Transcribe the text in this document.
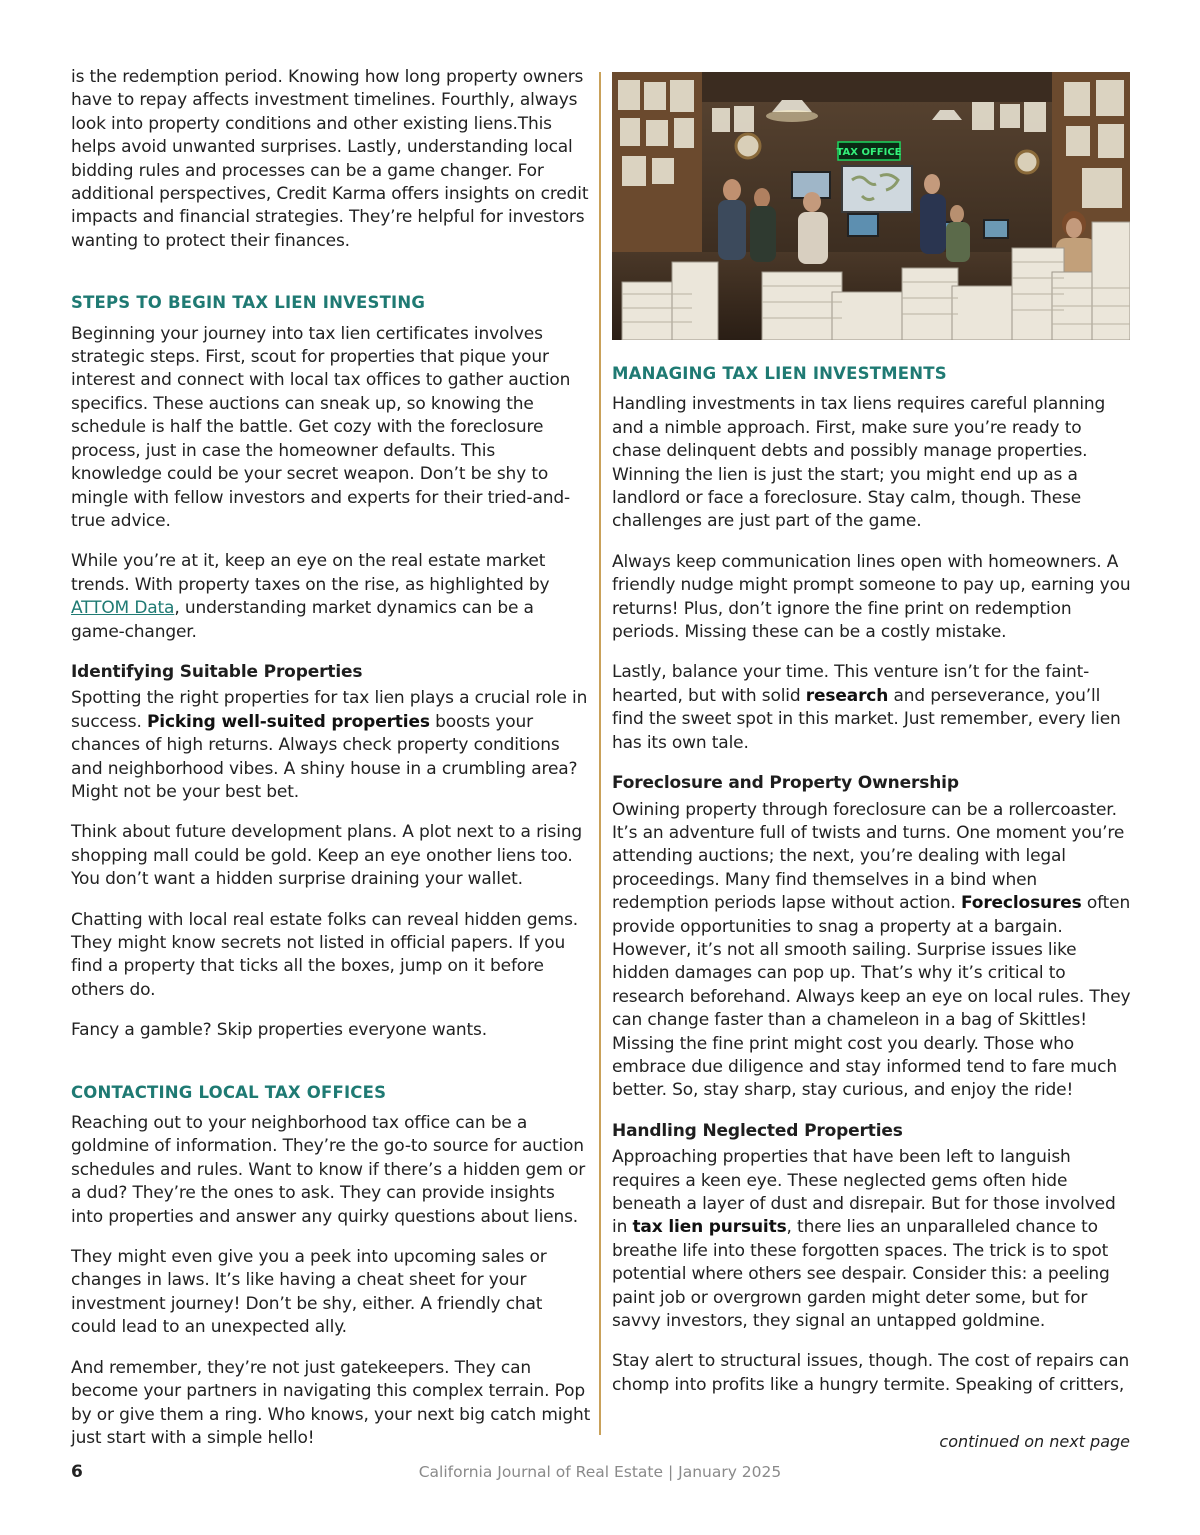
is the redemption period. Knowing how long property owners have to repay affects investment timelines. Fourthly, always look into property conditions and other existing liens.This helps avoid unwanted surprises. Lastly, understanding local bidding rules and processes can be a game changer. For additional perspectives, Credit Karma offers insights on credit impacts and financial strategies. They’re helpful for investors wanting to protect their finances.

STEPS TO BEGIN TAX LIEN INVESTING

Beginning your journey into tax lien certificates involves strategic steps. First, scout for properties that pique your interest and connect with local tax offices to gather auction specifics. These auctions can sneak up, so knowing the schedule is half the battle. Get cozy with the foreclosure process, just in case the homeowner defaults. This knowledge could be your secret weapon. Don’t be shy to mingle with fellow investors and experts for their tried-and-true advice.

While you’re at it, keep an eye on the real estate market trends. With property taxes on the rise, as highlighted by ATTOM Data, understanding market dynamics can be a game-changer.

Identifying Suitable Properties

Spotting the right properties for tax lien plays a crucial role in success. Picking well-suited properties boosts your chances of high returns. Always check property conditions and neighborhood vibes. A shiny house in a crumbling area? Might not be your best bet.

Think about future development plans. A plot next to a rising shopping mall could be gold. Keep an eye onother liens too. You don’t want a hidden surprise draining your wallet.

Chatting with local real estate folks can reveal hidden gems. They might know secrets not listed in official papers. If you find a property that ticks all the boxes, jump on it before others do.

Fancy a gamble? Skip properties everyone wants.

CONTACTING LOCAL TAX OFFICES

Reaching out to your neighborhood tax office can be a goldmine of information. They’re the go-to source for auction schedules and rules. Want to know if there’s a hidden gem or a dud? They’re the ones to ask. They can provide insights into properties and answer any quirky questions about liens.

They might even give you a peek into upcoming sales or changes in laws. It’s like having a cheat sheet for your investment journey! Don’t be shy, either. A friendly chat could lead to an unexpected ally.

And remember, they’re not just gatekeepers. They can become your partners in navigating this complex terrain. Pop by or give them a ring. Who knows, your next big catch might just start with a simple hello!

TAX OFFICE
MANAGING TAX LIEN INVESTMENTS

Handling investments in tax liens requires careful planning and a nimble approach. First, make sure you’re ready to chase delinquent debts and possibly manage properties. Winning the lien is just the start; you might end up as a landlord or face a foreclosure. Stay calm, though. These challenges are just part of the game.

Always keep communication lines open with homeowners. A friendly nudge might prompt someone to pay up, earning you returns! Plus, don’t ignore the fine print on redemption periods. Missing these can be a costly mistake.

Lastly, balance your time. This venture isn’t for the faint-hearted, but with solid research and perseverance, you’ll find the sweet spot in this market. Just remember, every lien has its own tale.

Foreclosure and Property Ownership

Owining property through foreclosure can be a rollercoaster. It’s an adventure full of twists and turns. One moment you’re attending auctions; the next, you’re dealing with legal proceedings. Many find themselves in a bind when redemption periods lapse without action. Foreclosures often provide opportunities to snag a property at a bargain. However, it’s not all smooth sailing. Surprise issues like hidden damages can pop up. That’s why it’s critical to research beforehand. Always keep an eye on local rules. They can change faster than a chameleon in a bag of Skittles! Missing the fine print might cost you dearly. Those who embrace due diligence and stay informed tend to fare much better. So, stay sharp, stay curious, and enjoy the ride!

Handling Neglected Properties

Approaching properties that have been left to languish requires a keen eye. These neglected gems often hide beneath a layer of dust and disrepair. But for those involved in tax lien pursuits, there lies an unparalleled chance to breathe life into these forgotten spaces. The trick is to spot potential where others see despair. Consider this: a peeling paint job or overgrown garden might deter some, but for savvy investors, they signal an untapped goldmine.

Stay alert to structural issues, though. The cost of repairs can chomp into profits like a hungry termite. Speaking of critters,

continued on next page
6	California Journal of Real Estate | January 2025
